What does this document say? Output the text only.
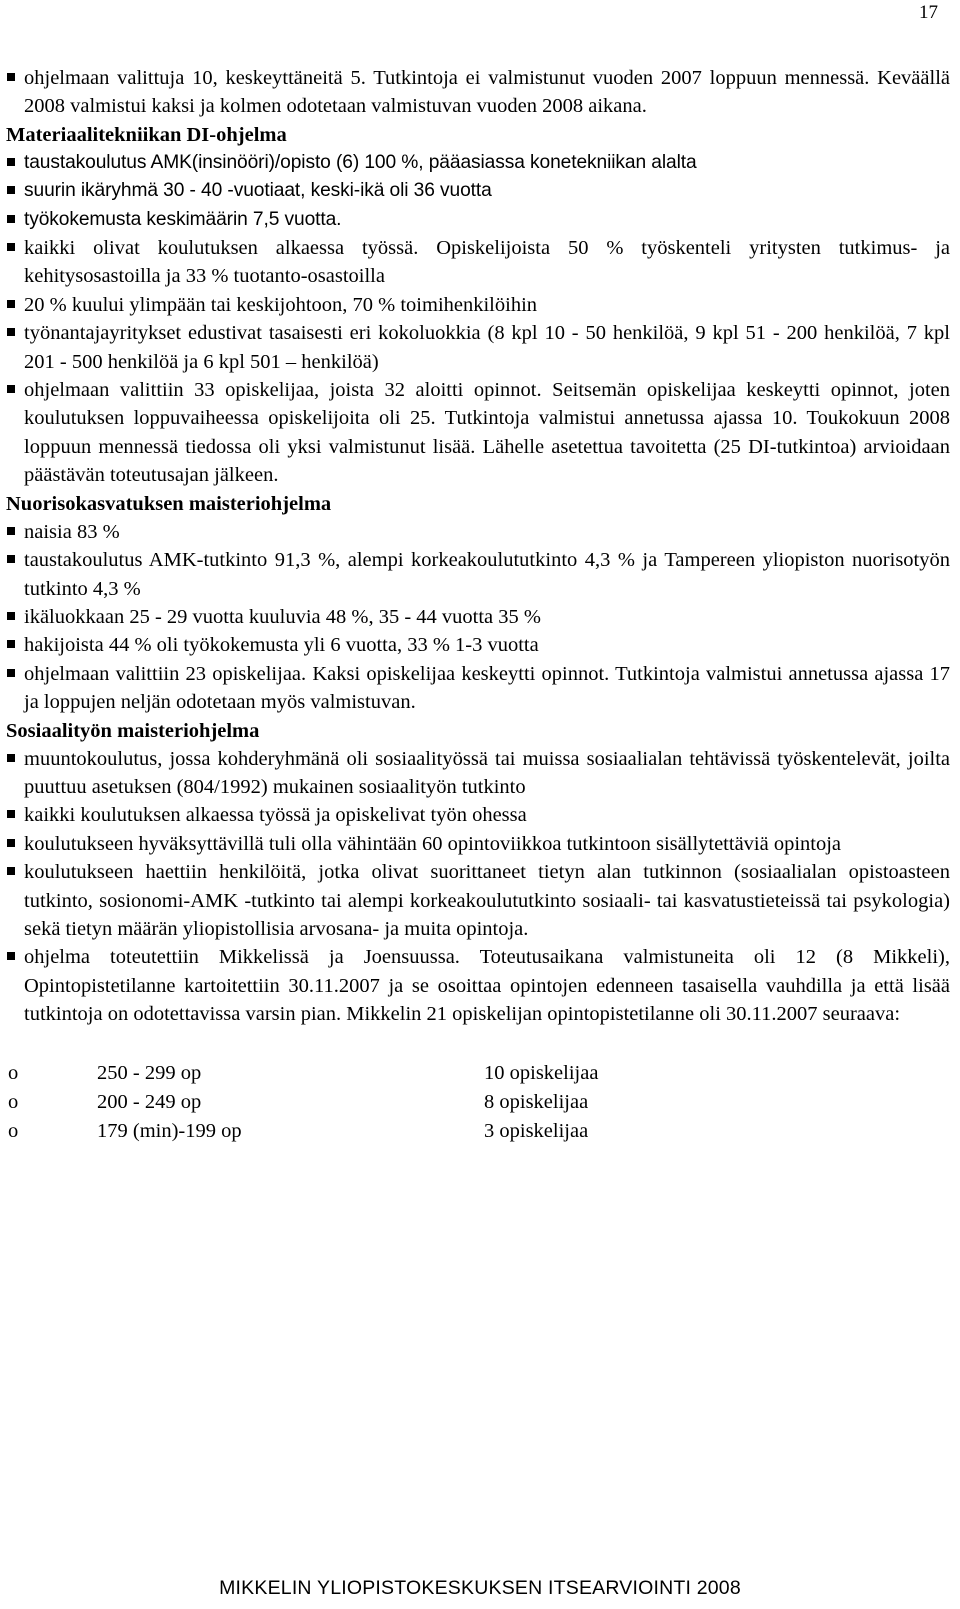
17
ohjelmaan valittuja 10, keskeyttäneitä 5. Tutkintoja ei valmistunut vuoden 2007 loppuun mennessä. Keväällä 2008 valmistui kaksi ja kolmen odotetaan valmistuvan vuoden 2008 aikana.
Materiaalitekniikan DI-ohjelma
taustakoulutus AMK(insinööri)/opisto (6) 100 %, pääasiassa konetekniikan alalta
suurin ikäryhmä 30 - 40 -vuotiaat, keski-ikä oli 36 vuotta
työkokemusta keskimäärin 7,5 vuotta.
kaikki olivat koulutuksen alkaessa työssä. Opiskelijoista 50 % työskenteli yritysten tutkimus- ja kehitysosastoilla ja 33 % tuotanto-osastoilla
20 % kuului ylimpään tai keskijohtoon, 70 % toimihenkilöihin
työnantajayritykset edustivat tasaisesti eri kokoluokkia (8 kpl 10 - 50 henkilöä, 9 kpl 51 - 200 henkilöä, 7 kpl 201 - 500 henkilöä ja 6 kpl 501 – henkilöä)
ohjelmaan valittiin 33 opiskelijaa, joista 32 aloitti opinnot. Seitsemän opiskelijaa keskeytti opinnot, joten koulutuksen loppuvaiheessa opiskelijoita oli 25. Tutkintoja valmistui annetussa ajassa 10. Toukokuun 2008 loppuun mennessä tiedossa oli yksi valmistunut lisää. Lähelle asetettua tavoitetta (25 DI-tutkintoa) arvioidaan päästävän toteutusajan jälkeen.
Nuorisokasvatuksen maisteriohjelma
naisia 83 %
taustakoulutus AMK-tutkinto 91,3 %, alempi korkeakoulututkinto 4,3 % ja Tampereen yliopiston nuorisotyön tutkinto 4,3 %
ikäluokkaan 25 - 29 vuotta kuuluvia 48 %, 35 - 44 vuotta 35 %
hakijoista 44 % oli työkokemusta yli 6 vuotta, 33 % 1-3 vuotta
ohjelmaan valittiin 23 opiskelijaa. Kaksi opiskelijaa keskeytti opinnot. Tutkintoja valmistui annetussa ajassa 17 ja loppujen neljän odotetaan myös valmistuvan.
Sosiaalityön maisteriohjelma
muuntokoulutus, jossa kohderyhmänä oli sosiaalityössä tai muissa sosiaalialan tehtävissä työskentelevät, joilta puuttuu asetuksen (804/1992) mukainen sosiaalityön tutkinto
kaikki koulutuksen alkaessa työssä ja opiskelivat työn ohessa
koulutukseen hyväksyttävillä tuli olla vähintään 60 opintoviikkoa tutkintoon sisällytettäviä opintoja
koulutukseen haettiin henkilöitä, jotka olivat suorittaneet tietyn alan tutkinnon (sosiaalialan opistoasteen tutkinto, sosionomi-AMK -tutkinto tai alempi korkeakoulututkinto sosiaali- tai kasvatustieteissä tai psykologia) sekä tietyn määrän yliopistollisia arvosana- ja muita opintoja.
ohjelma toteutettiin Mikkelissä ja Joensuussa. Toteutusaikana valmistuneita oli 12 (8 Mikkeli), Opintopistetilanne kartoitettiin 30.11.2007 ja se osoittaa opintojen edenneen tasaisella vauhdilla ja että lisää tutkintoja on odotettavissa varsin pian. Mikkelin 21 opiskelijan opintopistetilanne oli 30.11.2007 seuraava:
o	250 - 299 op	10 opiskelijaa
o	200 - 249 op	8 opiskelijaa
o	179 (min)-199 op	3 opiskelijaa
MIKKELIN YLIOPISTOKESKUKSEN ITSEARVIOINTI 2008
